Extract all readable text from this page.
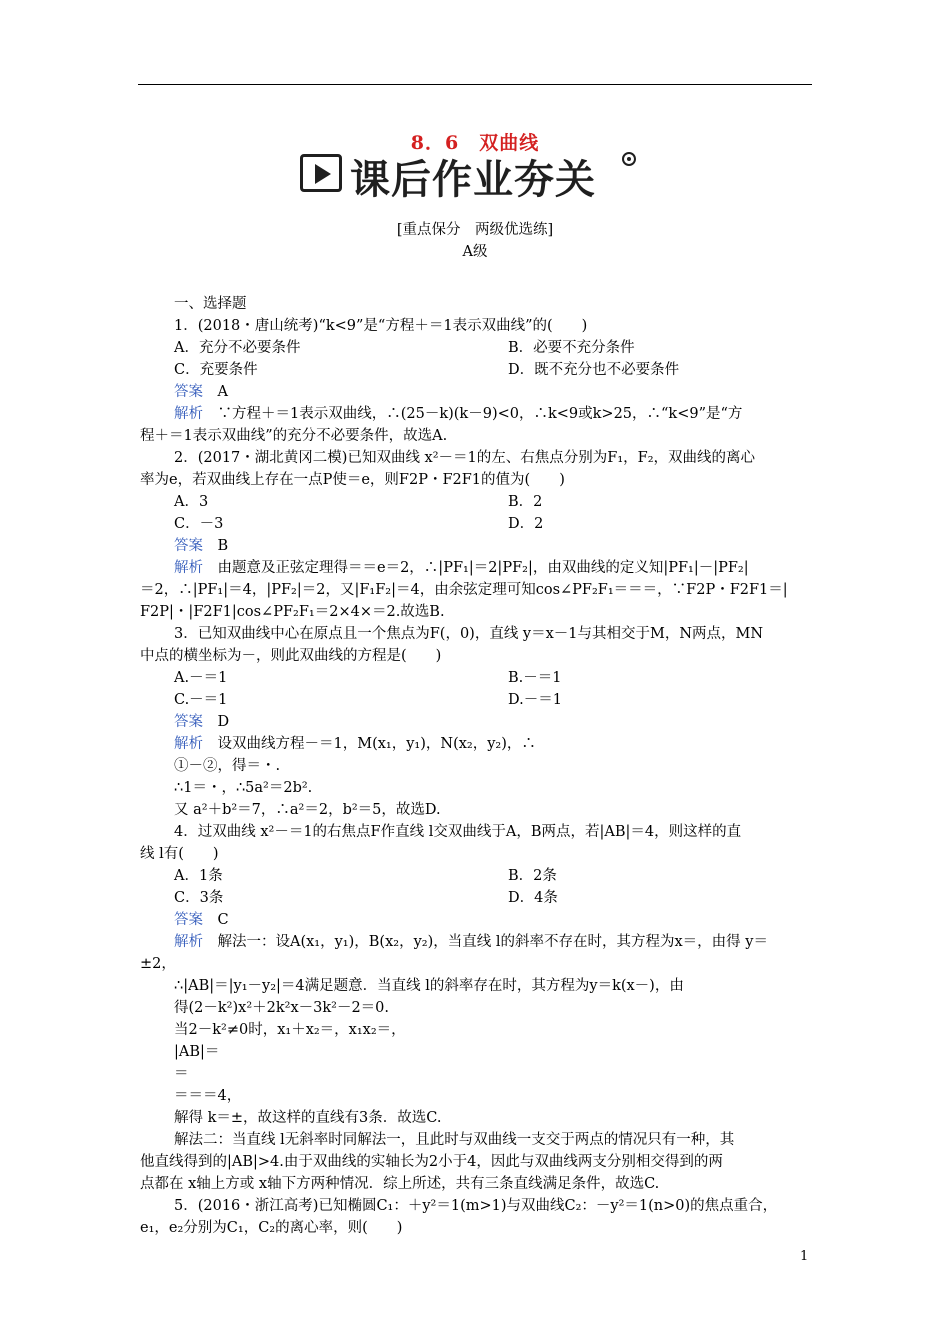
8．6　双曲线
课后作业夯关
[重点保分　两级优选练]
A级
一、选择题
1．(2018・唐山统考)“k<9”是“方程＋＝1表示双曲线”的(　　)
A．充分不必要条件	B．必要不充分条件
C．充要条件	D．既不充分也不必要条件
答案　A
解析　∵方程＋＝1表示双曲线，∴(25－k)(k－9)<0，∴k<9或k>25，∴“k<9”是“方
程＋＝1表示双曲线”的充分不必要条件，故选A.
2．(2017・湖北黄冈二模)已知双曲线 x²－＝1的左、右焦点分别为F₁，F₂，双曲线的离心
率为e，若双曲线上存在一点P使＝e，则F2P・F2F1的值为(　　)
A．3	B．2
C．－3	D．2
答案　B
解析　由题意及正弦定理得＝＝e＝2，∴|PF₁|＝2|PF₂|，由双曲线的定义知|PF₁|－|PF₂|
＝2，∴|PF₁|＝4，|PF₂|＝2，又|F₁F₂|＝4，由余弦定理可知cos∠PF₂F₁＝＝＝，∵F2P・F2F1＝|
F2P|・|F2F1|cos∠PF₂F₁＝2×4×＝2.故选B.
3．已知双曲线中心在原点且一个焦点为F(，0)，直线 y＝x－1与其相交于M，N两点，MN
中点的横坐标为－，则此双曲线的方程是(　　)
A.－＝1	B.－＝1
C.－＝1	D.－＝1
答案　D
解析　设双曲线方程－＝1，M(x₁，y₁)，N(x₂，y₂)，∴
①－②，得＝・.
∴1＝・，∴5a²＝2b².
又 a²＋b²＝7，∴a²＝2，b²＝5，故选D.
4．过双曲线 x²－＝1的右焦点F作直线 l交双曲线于A，B两点，若|AB|＝4，则这样的直
线 l有(　　)
A．1条	B．2条
C．3条	D．4条
答案　C
解析　解法一：设A(x₁，y₁)，B(x₂，y₂)，当直线 l的斜率不存在时，其方程为x＝，由得 y＝
±2，
∴|AB|＝|y₁－y₂|＝4满足题意．当直线 l的斜率存在时，其方程为y＝k(x－)，由
得(2－k²)x²＋2k²x－3k²－2＝0.
当2－k²≠0时，x₁＋x₂＝，x₁x₂＝，
|AB|＝
＝
＝＝＝4，
解得 k＝±，故这样的直线有3条．故选C.
解法二：当直线 l无斜率时同解法一，且此时与双曲线一支交于两点的情况只有一种，其
他直线得到的|AB|>4.由于双曲线的实轴长为2小于4，因此与双曲线两支分别相交得到的两
点都在 x轴上方或 x轴下方两种情况．综上所述，共有三条直线满足条件，故选C.
5．(2016・浙江高考)已知椭圆C₁：＋y²＝1(m>1)与双曲线C₂：－y²＝1(n>0)的焦点重合，
e₁，e₂分别为C₁，C₂的离心率，则(　　)
1
